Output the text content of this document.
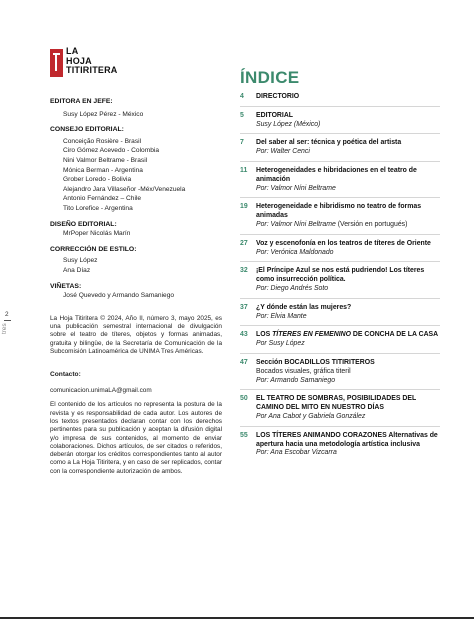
LA
HOJA
TITIRITERA

EDITORA EN JEFE:

Susy López Pérez - México

CONSEJO EDITORIAL:

Conceição Rosière - Brasil
Ciro Gómez Acevedo - Colombia
Nini Valmor Beltrame - Brasil
Mónica Berman - Argentina
Grober Loredo - Bolivia
Alejandro Jara Villaseñor -Méx/Venezuela
Antonio Fernández – Chile
Tito Lorefice - Argentina

DISEÑO EDITORIAL:

MrPoper Nicolás Marín

CORRECCIÓN DE ESTILO:

Susy López
Ana Díaz

VIÑETAS:

José Quevedo y Armando Samaniego

La Hoja Titiritera © 2024, Año II, número 3, mayo 2025, es una publicación semestral internacional de divulgación sobre el teatro de títeres, objetos y formas animadas, gratuita y bilingüe, de la Secretaría de Comunicación de la Subcomisión Latinoamérica de UNIMA Tres Américas.

Contacto:

comunicacion.unimaLA@gmail.com

El contenido de los artículos no representa la postura de la revista y es responsabilidad de cada autor. Los autores de los textos presentados declaran contar con los derechos pertinentes para su publicación y aceptan la difusión digital y/o impresa de sus contenidos, al momento de enviar colaboraciones. Dichos artículos, de ser citados o referidos, deberán otorgar los créditos correspondientes tanto al autor como a La Hoja Titiritera, y en caso de ser replicados, contar con la correspondiente autorización de ambos.

2
tres
ÍNDICE
4 DIRECTORIO
5 EDITORIAL
Susy López (México)
7 Del saber al ser: técnica y poética del artista
Por: Walter Cenci
11 Heterogeneidades e hibridaciones en el teatro de animación
Por: Valmor Níni Beltrame
19 Heterogeneidade e hibridismo no teatro de formas animadas
Por: Valmor Níni Beltrame (Versión en portugués)
27 Voz y escenofonía en los teatros de títeres de Oriente
Por: Verónica Maldonado
32 ¡El Príncipe Azul se nos está pudriendo! Los títeres como insurrección política.
Por: Diego Andrés Soto
37 ¿Y dónde están las mujeres?
Por: Elvia Mante
43 LOS TÍTERES EN FEMENINO DE CONCHA DE LA CASA
Por Susy López
47 Sección BOCADILLOS TITIRITEROS
Bocados visuales, gráfica titeril
Por: Armando Samaniego
50 EL TEATRO DE SOMBRAS, POSIBILIDADES DEL CAMINO DEL MITO EN NUESTRO DÍAS
Por Ana Cabot y Gabriela González
55 LOS TÍTERES ANIMANDO CORAZONES Alternativas de apertura hacia una metodología artística inclusiva
Por: Ana Escobar Vizcarra
